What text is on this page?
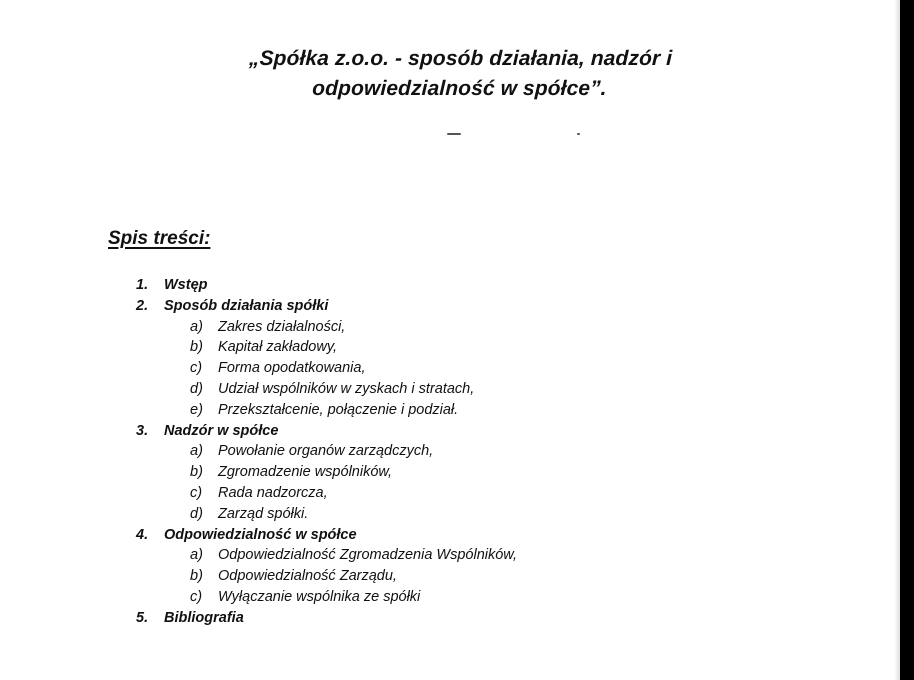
„Spółka z.o.o. - sposób działania, nadzór i
odpowiedzialność w spółce”.
Spis treści:
1.	Wstęp
2.	Sposób działania spółki
a)	Zakres działalności,
b)	Kapitał zakładowy,
c)	Forma opodatkowania,
d)	Udział wspólników w zyskach i stratach,
e)	Przekształcenie, połączenie i podział.
3.	Nadzór w spółce
a)	Powołanie organów zarządczych,
b)	Zgromadzenie wspólników,
c)	Rada nadzorcza,
d)	Zarząd spółki.
4.	Odpowiedzialność w spółce
a)	Odpowiedzialność Zgromadzenia Wspólników,
b)	Odpowiedzialność Zarządu,
c)	Wyłączanie wspólnika ze spółki
5.	Bibliografia
